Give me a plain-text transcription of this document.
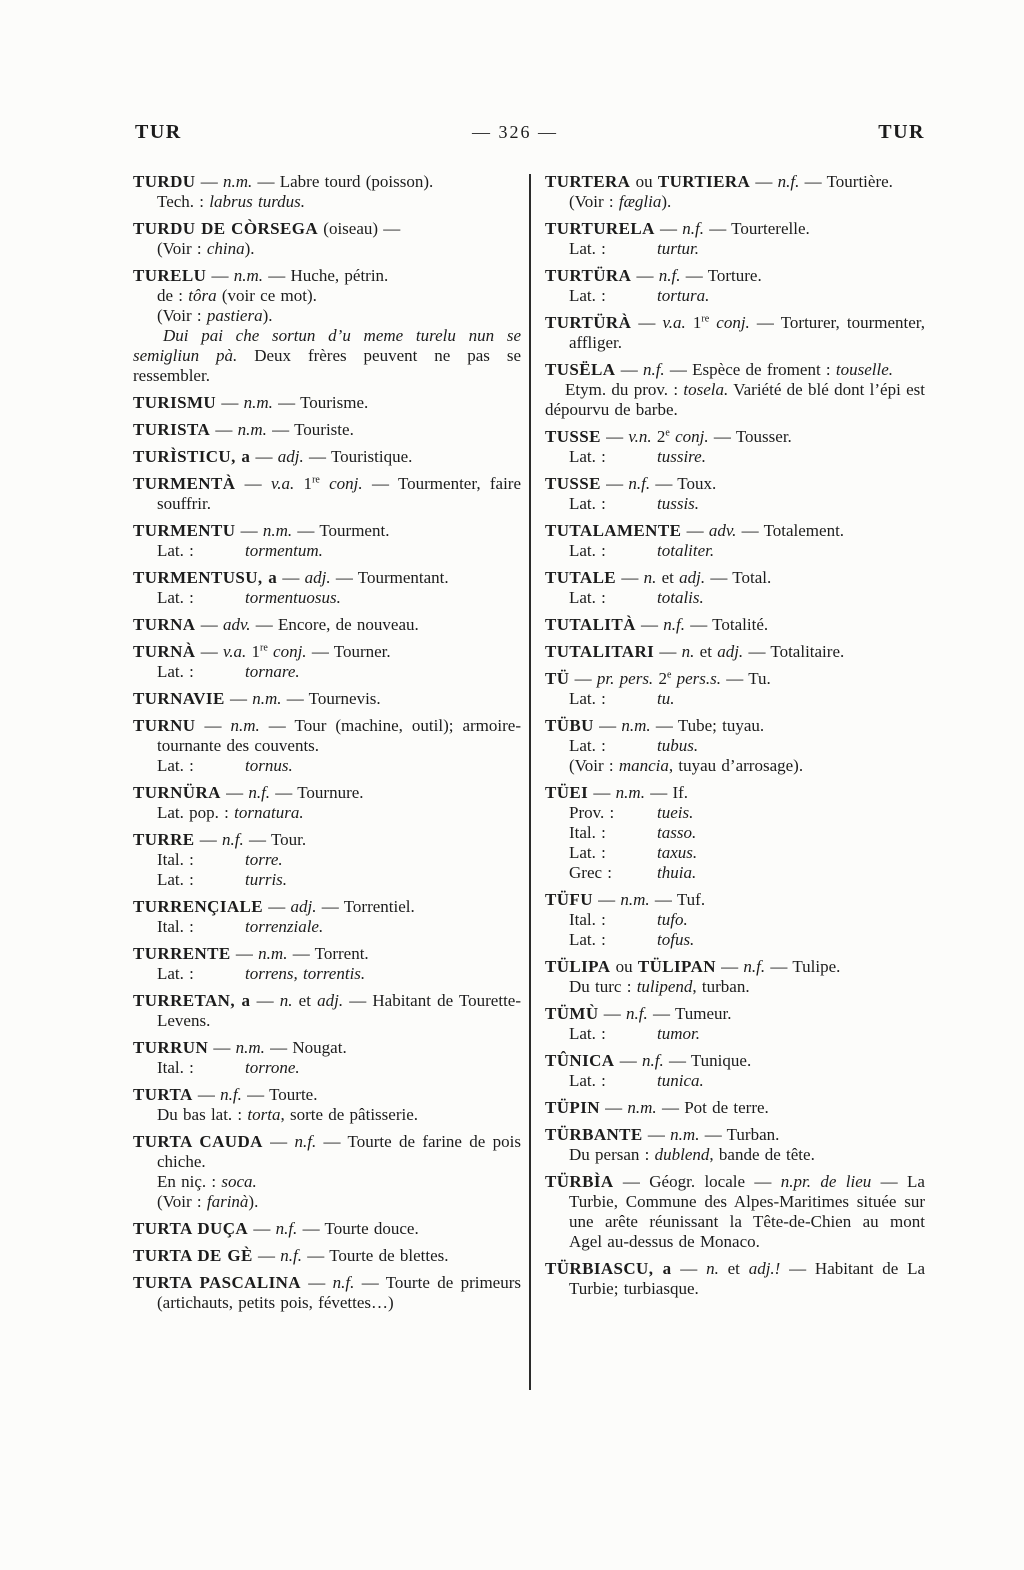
TUR	— 326 —	TUR

TURDU — n.m. — Labre tourd (poisson).

Tech. : labrus turdus.

TURDU DE CÒRSEGA (oiseau) —

(Voir : china).

TURELU — n.m. — Huche, pétrin.

de : tôra (voir ce mot).

(Voir : pastiera).

Dui pai che sortun d’u meme turelu nun se semigliun pà. Deux frères peuvent ne pas se ressembler.

TURISMU — n.m. — Tourisme.

TURISTA — n.m. — Touriste.

TURÌSTICU, a — adj. — Touristique.

TURMENTÀ — v.a. 1re conj. — Tourmenter, faire souffrir.

TURMENTU — n.m. — Tourment.

Lat. :	tormentum.

TURMENTUSU, a — adj. — Tourmentant.

Lat. :	tormentuosus.

TURNA — adv. — Encore, de nouveau.

TURNÀ — v.a. 1re conj. — Tourner.

Lat. :	tornare.

TURNAVIE — n.m. — Tournevis.

TURNU — n.m. — Tour (machine, outil); armoire-tournante des couvents.

Lat. :	tornus.

TURNÜRA — n.f. — Tournure.

Lat. pop. : tornatura.

TURRE — n.f. — Tour.

Ital. :	torre.

Lat. :	turris.

TURRENÇIALE — adj. — Torrentiel.

Ital. :	torrenziale.

TURRENTE — n.m. — Torrent.

Lat. :	torrens, torrentis.

TURRETAN, a — n. et adj. — Habitant de Tourette-Levens.

TURRUN — n.m. — Nougat.

Ital. :	torrone.

TURTA — n.f. — Tourte.

Du bas lat. : torta, sorte de pâtisserie.

TURTA CAUDA — n.f. — Tourte de farine de pois chiche.

En niç. : soca.

(Voir : farinà).

TURTA DUÇA — n.f. — Tourte douce.

TURTA DE GÈ — n.f. — Tourte de blettes.

TURTA PASCALINA — n.f. — Tourte de primeurs (artichauts, petits pois, févettes…)

TURTERA ou TURTIERA — n.f. — Tourtière.

(Voir : fæglia).

TURTURELA — n.f. — Tourterelle.

Lat. :	turtur.

TURTÜRA — n.f. — Torture.

Lat. :	tortura.

TURTÜRÀ — v.a. 1re conj. — Torturer, tourmenter, affliger.

TUSËLA — n.f. — Espèce de froment : touselle.

Etym. du prov. : tosela. Variété de blé dont l’épi est dépourvu de barbe.

TUSSE — v.n. 2e conj. — Tousser.

Lat. :	tussire.

TUSSE — n.f. — Toux.

Lat. :	tussis.

TUTALAMENTE — adv. — Totalement.

Lat. :	totaliter.

TUTALE — n. et adj. — Total.

Lat. :	totalis.

TUTALITÀ — n.f. — Totalité.

TUTALITARI — n. et adj. — Totalitaire.

TÜ — pr. pers. 2e pers.s. — Tu.

Lat. :	tu.

TÜBU — n.m. — Tube; tuyau.

Lat. :	tubus.

(Voir : mancia, tuyau d’arrosage).

TÜEI — n.m. — If.

Prov. :	tueis.

Ital. :	tasso.

Lat. :	taxus.

Grec :	thuia.

TÜFU — n.m. — Tuf.

Ital. :	tufo.

Lat. :	tofus.

TÜLIPA ou TÜLIPAN — n.f. — Tulipe.

Du turc : tulipend, turban.

TÜMÙ — n.f. — Tumeur.

Lat. :	tumor.

TÛNICA — n.f. — Tunique.

Lat. :	tunica.

TÜPIN — n.m. — Pot de terre.

TÜRBANTE — n.m. — Turban.

Du persan : dublend, bande de tête.

TÜRBÌA — Géogr. locale — n.pr. de lieu — La Turbie, Commune des Alpes-Maritimes située sur une arête réunissant la Tête-de-Chien au mont Agel au-dessus de Monaco.

TÜRBIASCU, a — n. et adj.! — Habitant de La Turbie; turbiasque.
